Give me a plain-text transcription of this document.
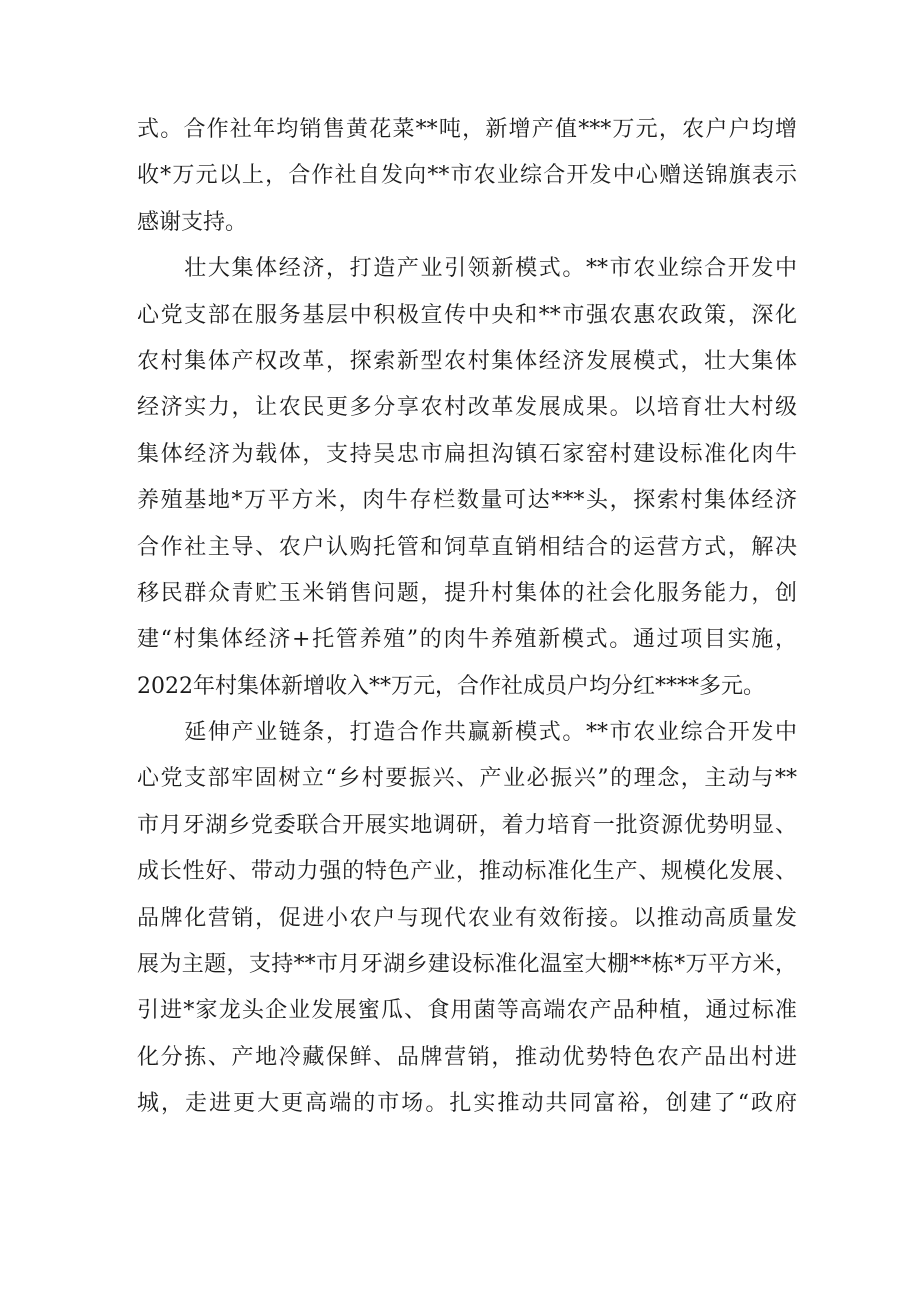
式。合作社年均销售黄花菜**吨，新增产值***万元，农户户均增
收*万元以上，合作社自发向**市农业综合开发中心赠送锦旗表示
感谢支持。
　　壮大集体经济，打造产业引领新模式。**市农业综合开发中
心党支部在服务基层中积极宣传中央和**市强农惠农政策，深化
农村集体产权改革，探索新型农村集体经济发展模式，壮大集体
经济实力，让农民更多分享农村改革发展成果。以培育壮大村级
集体经济为载体，支持吴忠市扁担沟镇石家窑村建设标准化肉牛
养殖基地*万平方米，肉牛存栏数量可达***头，探索村集体经济
合作社主导、农户认购托管和饲草直销相结合的运营方式，解决
移民群众青贮玉米销售问题，提升村集体的社会化服务能力，创
建“村集体经济+托管养殖”的肉牛养殖新模式。通过项目实施，
2022年村集体新增收入**万元，合作社成员户均分红****多元。
　　延伸产业链条，打造合作共赢新模式。**市农业综合开发中
心党支部牢固树立“乡村要振兴、产业必振兴”的理念，主动与**
市月牙湖乡党委联合开展实地调研，着力培育一批资源优势明显、
成长性好、带动力强的特色产业，推动标准化生产、规模化发展、
品牌化营销，促进小农户与现代农业有效衔接。以推动高质量发
展为主题，支持**市月牙湖乡建设标准化温室大棚**栋*万平方米，
引进*家龙头企业发展蜜瓜、食用菌等高端农产品种植，通过标准
化分拣、产地冷藏保鲜、品牌营销，推动优势特色农产品出村进
城，走进更大更高端的市场。扎实推动共同富裕，创建了“政府
